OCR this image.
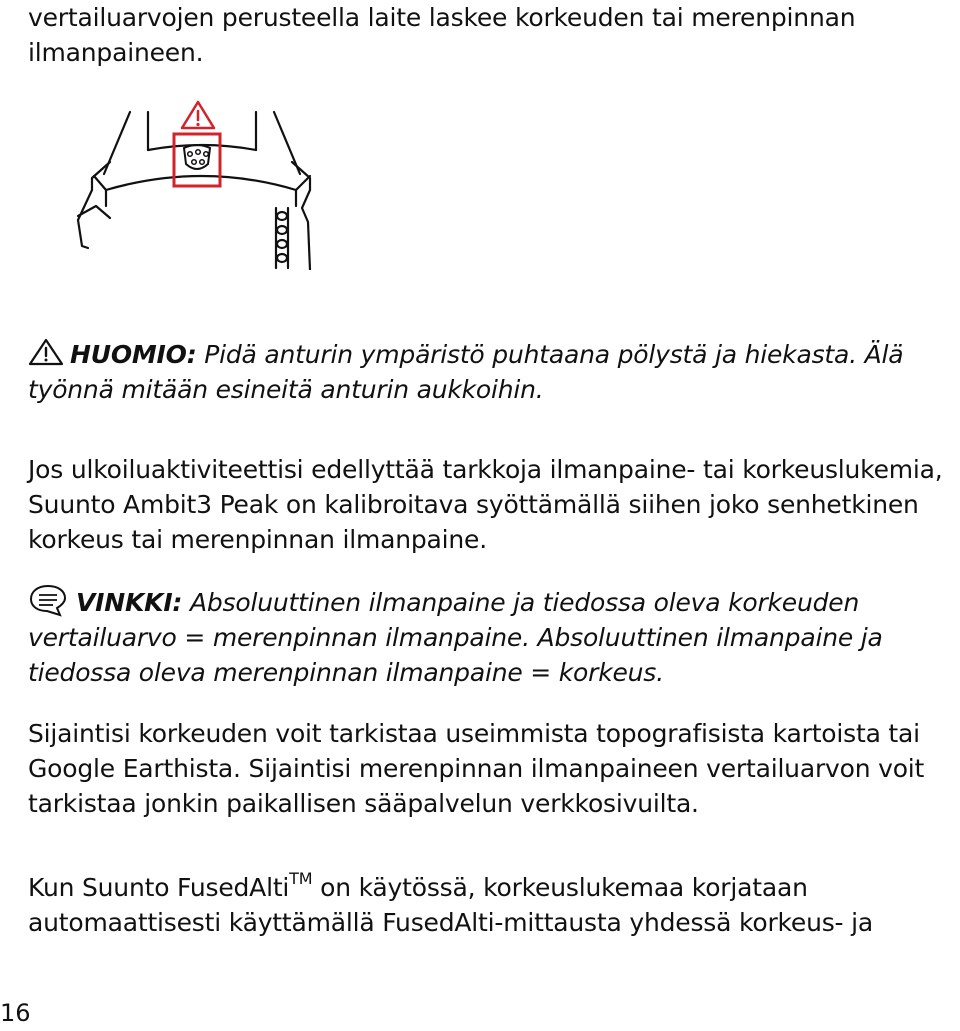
vertailuarvojen perusteella laite laskee korkeuden tai merenpinnan ilmanpaineen.

HUOMIO: Pidä anturin ympäristö puhtaana pölystä ja hiekasta. Älä työnnä mitään esineitä anturin aukkoihin.

Jos ulkoiluaktiviteettisi edellyttää tarkkoja ilmanpaine- tai korkeuslukemia, Suunto Ambit3 Peak on kalibroitava syöttämällä siihen joko senhetkinen korkeus tai merenpinnan ilmanpaine.

VINKKI: Absoluuttinen ilmanpaine ja tiedossa oleva korkeuden vertailuarvo = merenpinnan ilmanpaine. Absoluuttinen ilmanpaine ja tiedossa oleva merenpinnan ilmanpaine = korkeus.

Sijaintisi korkeuden voit tarkistaa useimmista topografisista kartoista tai Google Earthista. Sijaintisi merenpinnan ilmanpaineen vertailuarvon voit tarkistaa jonkin paikallisen sääpalvelun verkkosivuilta.

Kun Suunto FusedAlti™ on käytössä, korkeuslukemaa korjataan automaattisesti käyttämällä FusedAlti-mittausta yhdessä korkeus- ja

16
